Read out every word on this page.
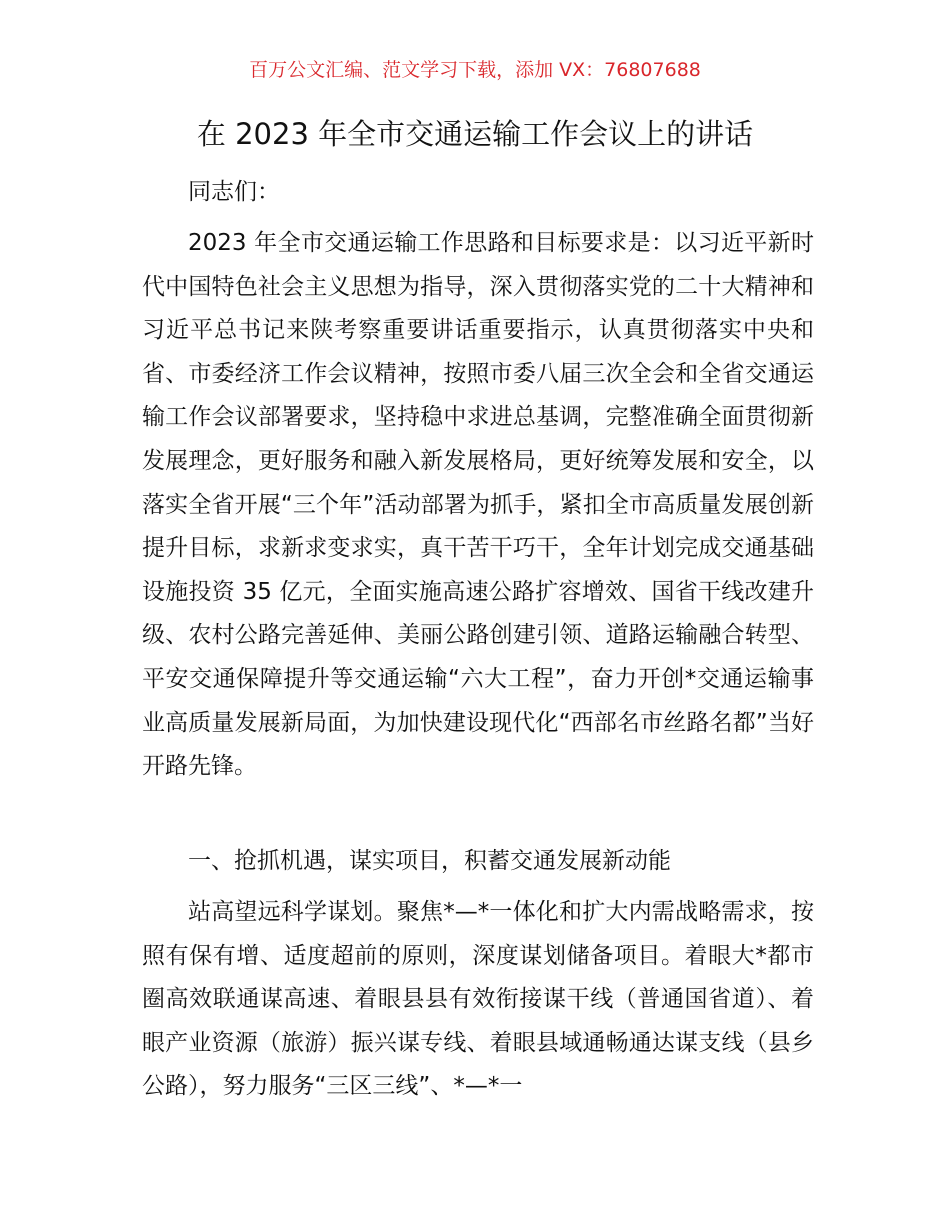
百万公文汇编、范文学习下载，添加 VX：76807688
在 2023 年全市交通运输工作会议上的讲话
同志们：

2023 年全市交通运输工作思路和目标要求是：以习近平新时代中国特色社会主义思想为指导，深入贯彻落实党的二十大精神和习近平总书记来陕考察重要讲话重要指示，认真贯彻落实中央和省、市委经济工作会议精神，按照市委八届三次全会和全省交通运输工作会议部署要求，坚持稳中求进总基调，完整准确全面贯彻新发展理念，更好服务和融入新发展格局，更好统筹发展和安全，以落实全省开展“三个年”活动部署为抓手，紧扣全市高质量发展创新提升目标，求新求变求实，真干苦干巧干，全年计划完成交通基础设施投资 35 亿元，全面实施高速公路扩容增效、国省干线改建升级、农村公路完善延伸、美丽公路创建引领、道路运输融合转型、平安交通保障提升等交通运输“六大工程”，奋力开创*交通运输事业高质量发展新局面，为加快建设现代化“西部名市丝路名都”当好开路先锋。

一、抢抓机遇，谋实项目，积蓄交通发展新动能

站高望远科学谋划。聚焦*—*一体化和扩大内需战略需求，按照有保有增、适度超前的原则，深度谋划储备项目。着眼大*都市圈高效联通谋高速、着眼县县有效衔接谋干线（普通国省道）、着眼产业资源（旅游）振兴谋专线、着眼县域通畅通达谋支线（县乡公路），努力服务“三区三线”、*—*一
